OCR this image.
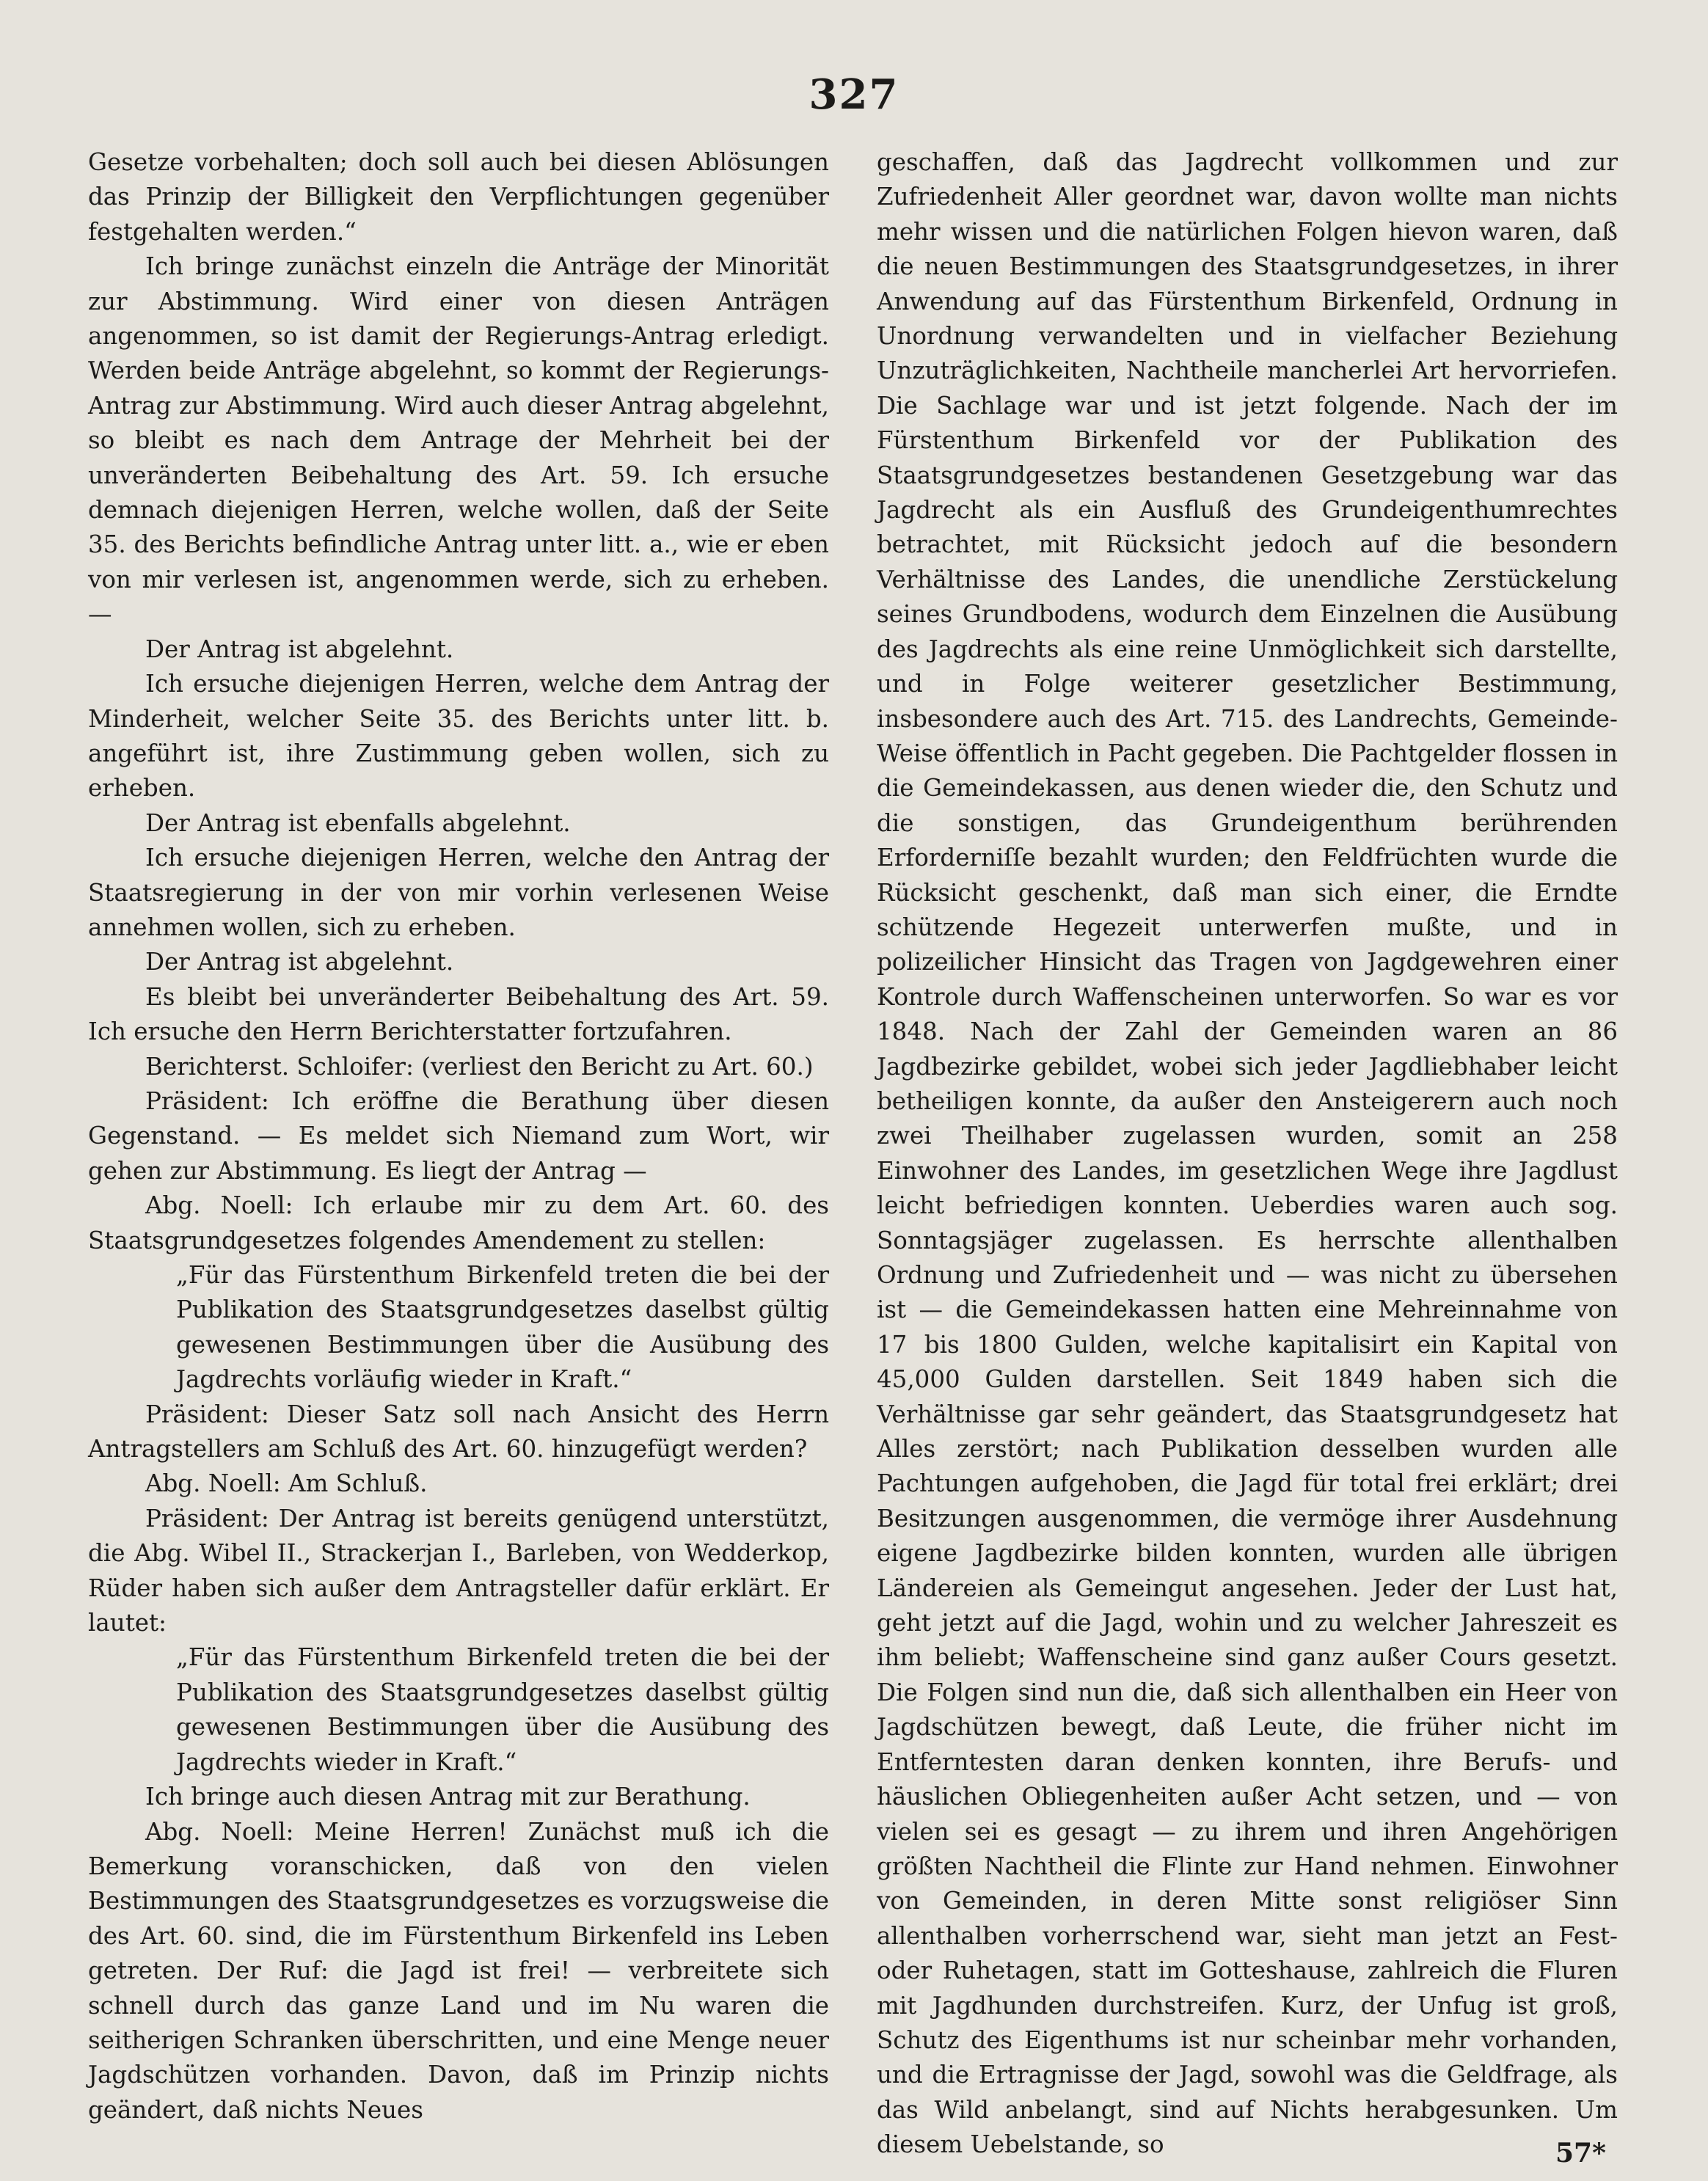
327

Gesetze vorbehalten; doch soll auch bei diesen Ablösungen das Prinzip der Billigkeit den Verpflichtungen gegenüber festgehalten werden.“

Ich bringe zunächst einzeln die Anträge der Minorität zur Abstimmung. Wird einer von diesen Anträgen angenommen, so ist damit der Regierungs-Antrag erledigt. Werden beide Anträge abgelehnt, so kommt der Regierungs-Antrag zur Abstimmung. Wird auch dieser Antrag abgelehnt, so bleibt es nach dem Antrage der Mehrheit bei der unveränderten Beibehaltung des Art. 59. Ich ersuche demnach diejenigen Herren, welche wollen, daß der Seite 35. des Berichts befindliche Antrag unter litt. a., wie er eben von mir verlesen ist, angenommen werde, sich zu erheben. —

Der Antrag ist abgelehnt.

Ich ersuche diejenigen Herren, welche dem Antrag der Minderheit, welcher Seite 35. des Berichts unter litt. b. angeführt ist, ihre Zustimmung geben wollen, sich zu erheben.

Der Antrag ist ebenfalls abgelehnt.

Ich ersuche diejenigen Herren, welche den Antrag der Staatsregierung in der von mir vorhin verlesenen Weise annehmen wollen, sich zu erheben.

Der Antrag ist abgelehnt.

Es bleibt bei unveränderter Beibehaltung des Art. 59. Ich ersuche den Herrn Berichterstatter fortzufahren.

Berichterst. Schloifer: (verliest den Bericht zu Art. 60.)

Präsident: Ich eröffne die Berathung über diesen Gegenstand. — Es meldet sich Niemand zum Wort, wir gehen zur Abstimmung. Es liegt der Antrag —

Abg. Noell: Ich erlaube mir zu dem Art. 60. des Staatsgrundgesetzes folgendes Amendement zu stellen:

„Für das Fürstenthum Birkenfeld treten die bei der Publikation des Staatsgrundgesetzes daselbst gültig gewesenen Bestimmungen über die Ausübung des Jagdrechts vorläufig wieder in Kraft.“

Präsident: Dieser Satz soll nach Ansicht des Herrn Antragstellers am Schluß des Art. 60. hinzugefügt werden?

Abg. Noell: Am Schluß.

Präsident: Der Antrag ist bereits genügend unterstützt, die Abg. Wibel II., Strackerjan I., Barleben, von Wedderkop, Rüder haben sich außer dem Antragsteller dafür erklärt. Er lautet:

„Für das Fürstenthum Birkenfeld treten die bei der Publikation des Staatsgrundgesetzes daselbst gültig gewesenen Bestimmungen über die Ausübung des Jagdrechts wieder in Kraft.“

Ich bringe auch diesen Antrag mit zur Berathung.

Abg. Noell: Meine Herren! Zunächst muß ich die Bemerkung voranschicken, daß von den vielen Bestimmungen des Staatsgrundgesetzes es vorzugsweise die des Art. 60. sind, die im Fürstenthum Birkenfeld ins Leben getreten. Der Ruf: die Jagd ist frei! — verbreitete sich schnell durch das ganze Land und im Nu waren die seitherigen Schranken überschritten, und eine Menge neuer Jagdschützen vorhanden. Davon, daß im Prinzip nichts geändert, daß nichts Neues

geschaffen, daß das Jagdrecht vollkommen und zur Zufriedenheit Aller geordnet war, davon wollte man nichts mehr wissen und die natürlichen Folgen hievon waren, daß die neuen Bestimmungen des Staatsgrundgesetzes, in ihrer Anwendung auf das Fürstenthum Birkenfeld, Ordnung in Unordnung verwandelten und in vielfacher Beziehung Unzuträglichkeiten, Nachtheile mancherlei Art hervorriefen. Die Sachlage war und ist jetzt folgende. Nach der im Fürstenthum Birkenfeld vor der Publikation des Staatsgrundgesetzes bestandenen Gesetzgebung war das Jagdrecht als ein Ausfluß des Grundeigenthumrechtes betrachtet, mit Rücksicht jedoch auf die besondern Verhältnisse des Landes, die unendliche Zerstückelung seines Grundbodens, wodurch dem Einzelnen die Ausübung des Jagdrechts als eine reine Unmöglichkeit sich darstellte, und in Folge weiterer gesetzlicher Bestimmung, insbesondere auch des Art. 715. des Landrechts, Gemeinde-Weise öffentlich in Pacht gegeben. Die Pachtgelder flossen in die Gemeindekassen, aus denen wieder die, den Schutz und die sonstigen, das Grundeigenthum berührenden Erforderniſſe bezahlt wurden; den Feldfrüchten wurde die Rücksicht geschenkt, daß man sich einer, die Erndte schützende Hegezeit unterwerfen mußte, und in polizeilicher Hinsicht das Tragen von Jagdgewehren einer Kontrole durch Waffenscheinen unterworfen. So war es vor 1848. Nach der Zahl der Gemeinden waren an 86 Jagdbezirke gebildet, wobei sich jeder Jagdliebhaber leicht betheiligen konnte, da außer den Ansteigerern auch noch zwei Theilhaber zugelassen wurden, somit an 258 Einwohner des Landes, im gesetzlichen Wege ihre Jagdlust leicht befriedigen konnten. Ueberdies waren auch sog. Sonntagsjäger zugelassen. Es herrschte allenthalben Ordnung und Zufriedenheit und — was nicht zu übersehen ist — die Gemeindekassen hatten eine Mehreinnahme von 17 bis 1800 Gulden, welche kapitalisirt ein Kapital von 45,000 Gulden darstellen. Seit 1849 haben sich die Verhältnisse gar sehr geändert, das Staatsgrundgesetz hat Alles zerstört; nach Publikation desselben wurden alle Pachtungen aufgehoben, die Jagd für total frei erklärt; drei Besitzungen ausgenommen, die vermöge ihrer Ausdehnung eigene Jagdbezirke bilden konnten, wurden alle übrigen Ländereien als Gemeingut angesehen. Jeder der Lust hat, geht jetzt auf die Jagd, wohin und zu welcher Jahreszeit es ihm beliebt; Waffenscheine sind ganz außer Cours gesetzt. Die Folgen sind nun die, daß sich allenthalben ein Heer von Jagdschützen bewegt, daß Leute, die früher nicht im Entferntesten daran denken konnten, ihre Berufs- und häuslichen Obliegenheiten außer Acht setzen, und — von vielen sei es gesagt — zu ihrem und ihren Angehörigen größten Nachtheil die Flinte zur Hand nehmen. Einwohner von Gemeinden, in deren Mitte sonst religiöser Sinn allenthalben vorherrschend war, sieht man jetzt an Fest- oder Ruhetagen, statt im Gotteshause, zahlreich die Fluren mit Jagdhunden durchstreifen. Kurz, der Unfug ist groß, Schutz des Eigenthums ist nur scheinbar mehr vorhanden, und die Ertragnisse der Jagd, sowohl was die Geldfrage, als das Wild anbelangt, sind auf Nichts herabgesunken. Um diesem Uebelstande, so	57*
